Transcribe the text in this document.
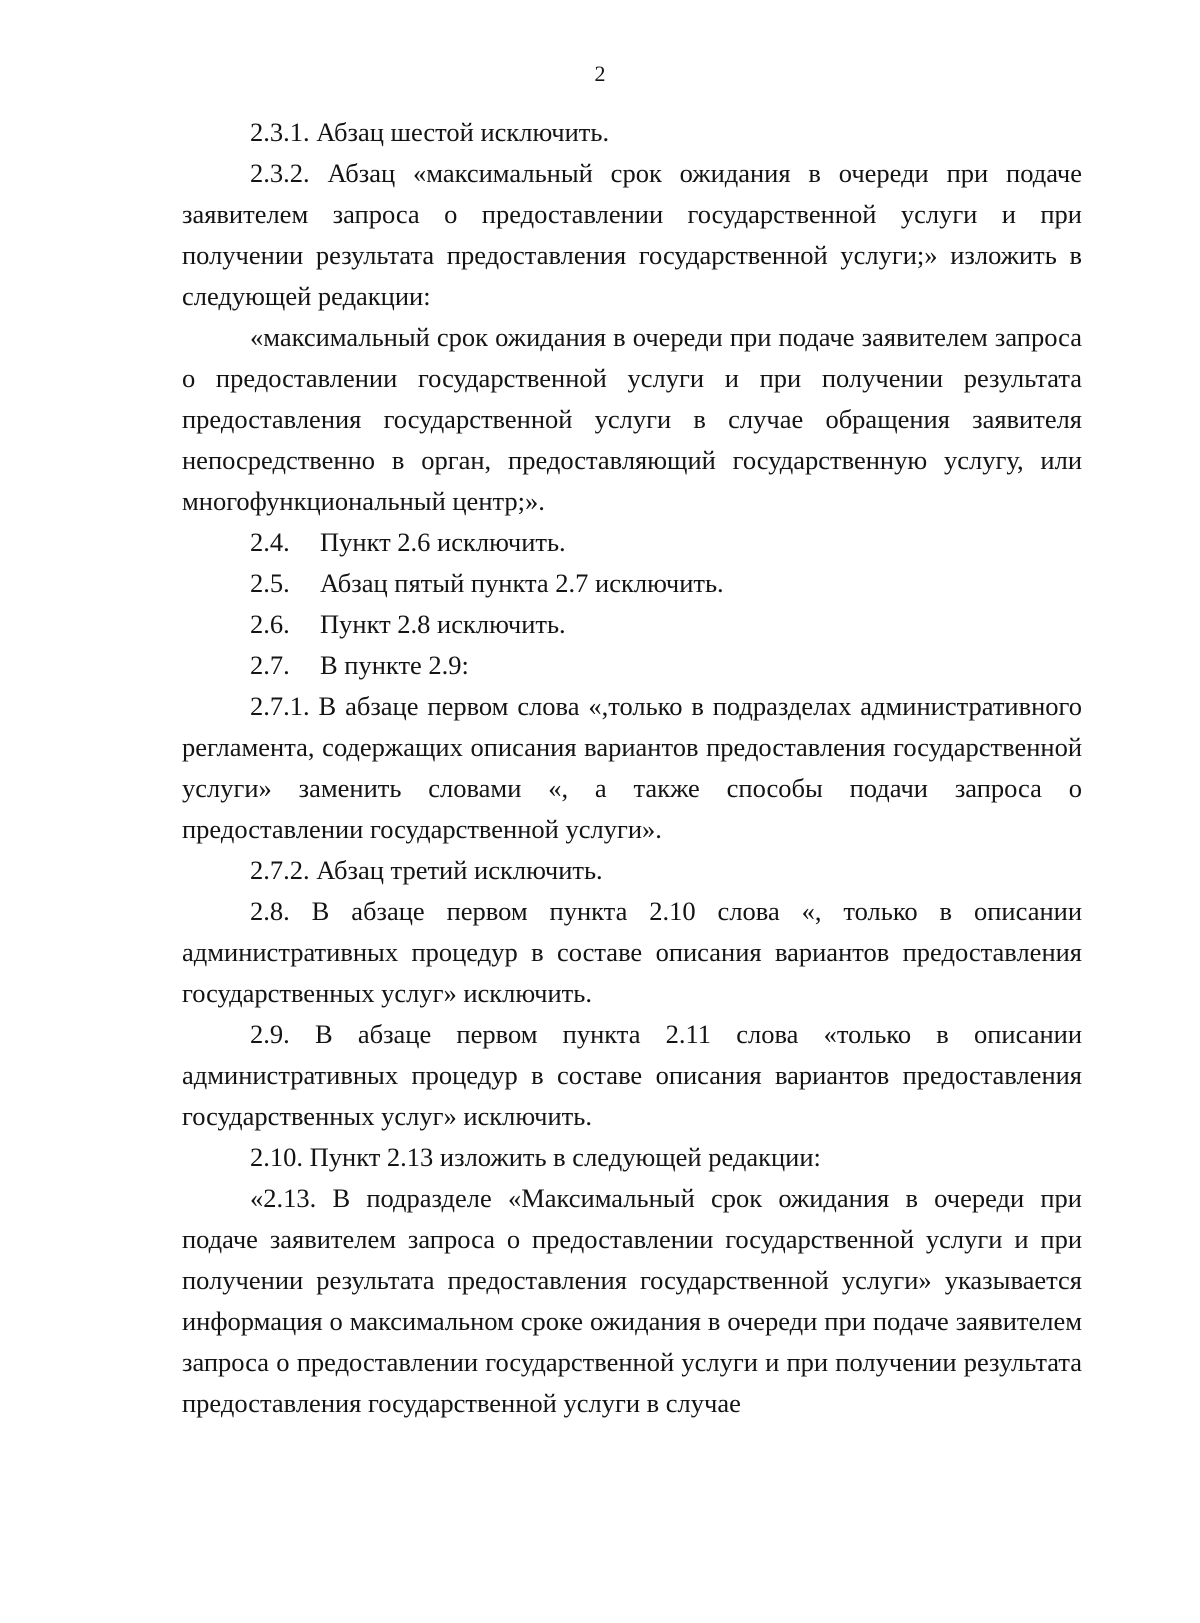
2

2.3.1. Абзац шестой исключить.

2.3.2. Абзац «максимальный срок ожидания в очереди при подаче заявителем запроса о предоставлении государственной услуги и при получении результата предоставления государственной услуги;» изложить в следующей редакции:

«максимальный срок ожидания в очереди при подаче заявителем запроса о предоставлении государственной услуги и при получении результата предоставления государственной услуги в случае обращения заявителя непосредственно в орган, предоставляющий государственную услугу, или многофункциональный центр;».

2.4. Пункт 2.6 исключить.

2.5. Абзац пятый пункта 2.7 исключить.

2.6. Пункт 2.8 исключить.

2.7. В пункте 2.9:

2.7.1. В абзаце первом слова «,только в подразделах административного регламента, содержащих описания вариантов предоставления государственной услуги» заменить словами «, а также способы подачи запроса о предоставлении государственной услуги».

2.7.2. Абзац третий исключить.

2.8. В абзаце первом пункта 2.10 слова «, только в описании административных процедур в составе описания вариантов предоставления государственных услуг» исключить.

2.9. В абзаце первом пункта 2.11 слова «только в описании административных процедур в составе описания вариантов предоставления государственных услуг» исключить.

2.10. Пункт 2.13 изложить в следующей редакции:

«2.13. В подразделе «Максимальный срок ожидания в очереди при подаче заявителем запроса о предоставлении государственной услуги и при получении результата предоставления государственной услуги» указывается информация о максимальном сроке ожидания в очереди при подаче заявителем запроса о предоставлении государственной услуги и при получении результата предоставления государственной услуги в случае
